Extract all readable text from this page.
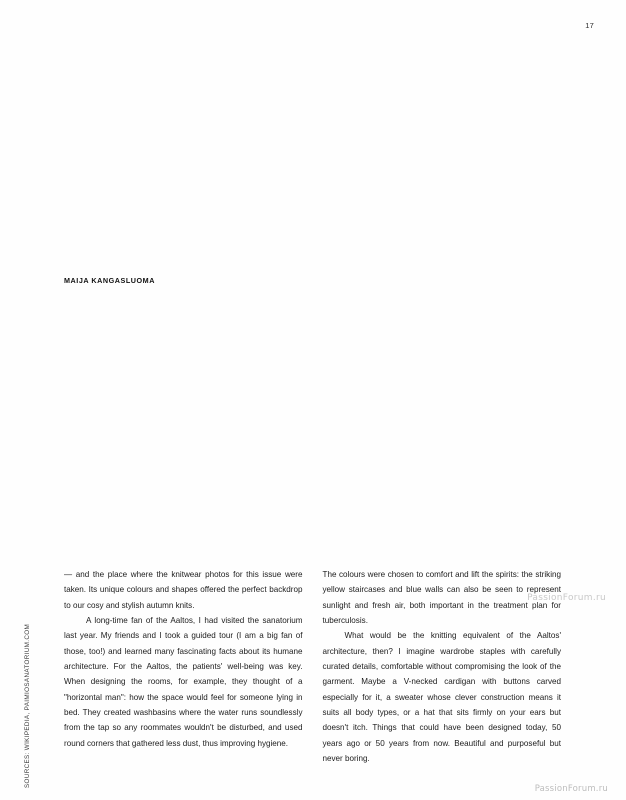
17
MAIJA KANGASLUOMA
SOURCES: WIKIPEDIA, PAIMIOSANATORIUM.COM
PassionForum.ru

— and the place where the knitwear photos for this issue were taken. Its unique colours and shapes offered the perfect backdrop to our cosy and stylish autumn knits.

A long-time fan of the Aaltos, I had visited the sanatorium last year. My friends and I took a guided tour (I am a big fan of those, too!) and learned many fascinating facts about its humane architecture. For the Aaltos, the patients' well-being was key. When designing the rooms, for example, they thought of a "horizontal man": how the space would feel for someone lying in bed. They created washbasins where the water runs soundlessly from the tap so any roommates wouldn't be disturbed, and used round corners that gathered less dust, thus improving hygiene.

The colours were chosen to comfort and lift the spirits: the striking yellow staircases and blue walls can also be seen to represent sunlight and fresh air, both important in the treatment plan for tuberculosis.

What would be the knitting equivalent of the Aaltos' architecture, then? I imagine wardrobe staples with carefully curated details, comfortable without compromising the look of the garment. Maybe a V-necked cardigan with buttons carved especially for it, a sweater whose clever construction means it suits all body types, or a hat that sits firmly on your ears but doesn't itch. Things that could have been designed today, 50 years ago or 50 years from now. Beautiful and purposeful but never boring.

PassionForum.ru
